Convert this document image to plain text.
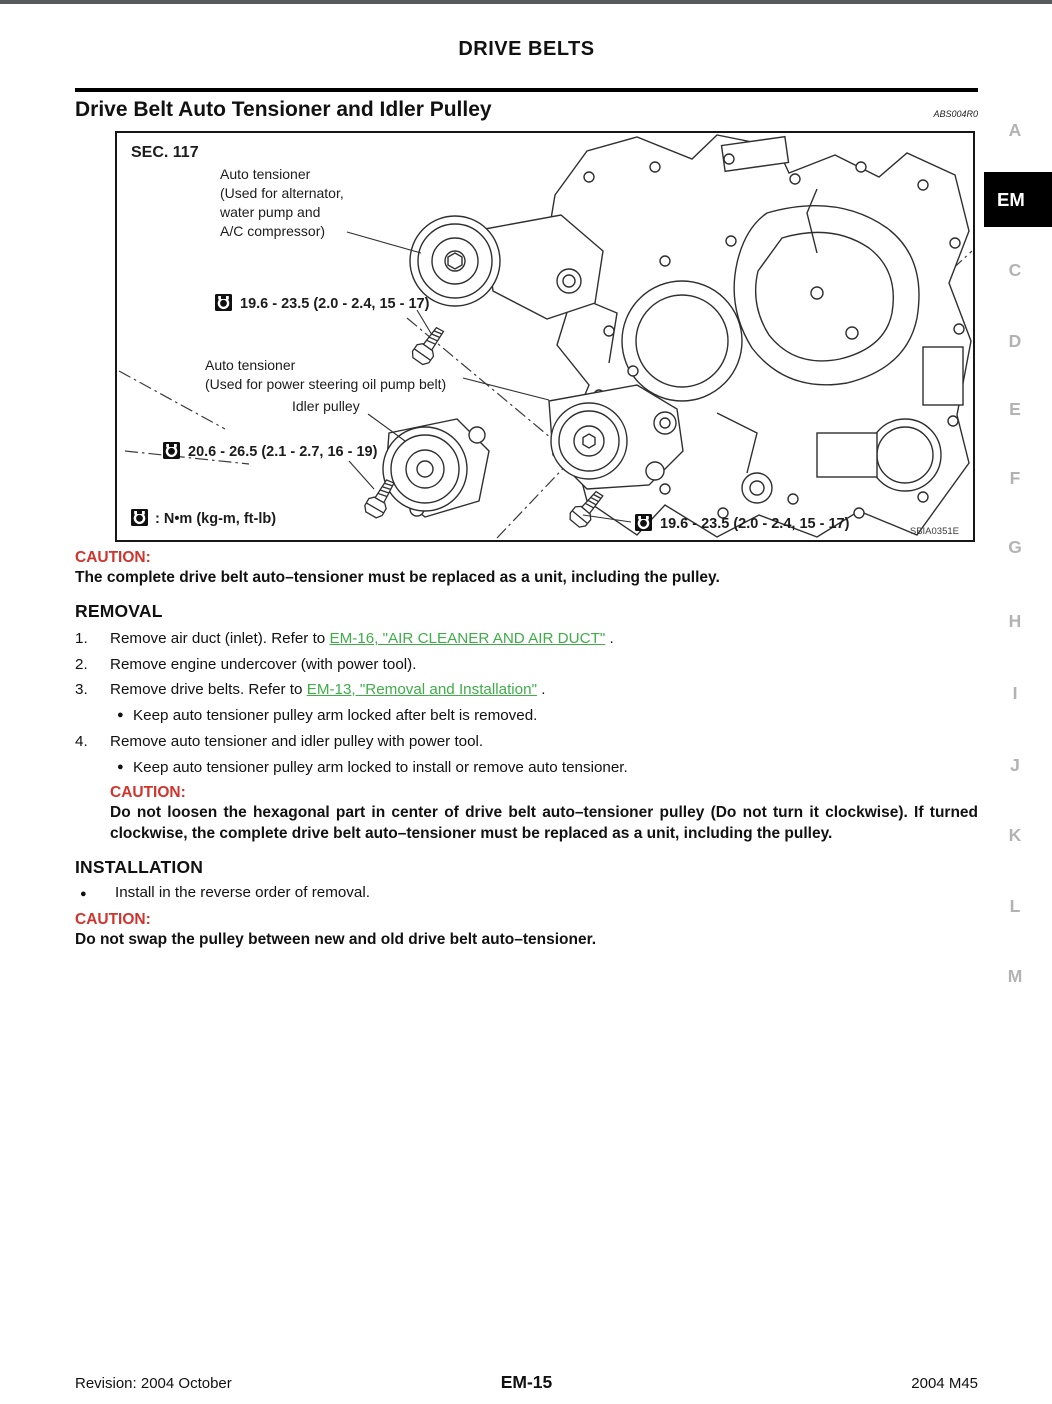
DRIVE BELTS
Drive Belt Auto Tensioner and Idler Pulley	ABS004R0
SEC. 117
Auto tensioner
(Used for alternator,
water pump and
A/C compressor)
19.6 - 23.5 (2.0 - 2.4, 15 - 17)
Auto tensioner
(Used for power steering oil pump belt)
Idler pulley
20.6 - 26.5 (2.1 - 2.7, 16 - 19)
: N•m (kg-m, ft-lb)	19.6 - 23.5 (2.0 - 2.4, 15 - 17)	SBIA0351E
CAUTION:
The complete drive belt auto–tensioner must be replaced as a unit, including the pulley.
REMOVAL
1.	Remove air duct (inlet). Refer to EM-16, "AIR CLEANER AND AIR DUCT" .
2.	Remove engine undercover (with power tool).
3.	Remove drive belts. Refer to EM-13, "Removal and Installation" .
● Keep auto tensioner pulley arm locked after belt is removed.
4.	Remove auto tensioner and idler pulley with power tool.
● Keep auto tensioner pulley arm locked to install or remove auto tensioner.
CAUTION:
Do not loosen the hexagonal part in center of drive belt auto–tensioner pulley (Do not turn it clockwise). If turned clockwise, the complete drive belt auto–tensioner must be replaced as a unit, including the pulley.
INSTALLATION
●	Install in the reverse order of removal.
CAUTION:
Do not swap the pulley between new and old drive belt auto–tensioner.
A
EM
C
D
E
F
G
H
I
J
K
L
M
Revision: 2004 October	EM-15	2004 M45
